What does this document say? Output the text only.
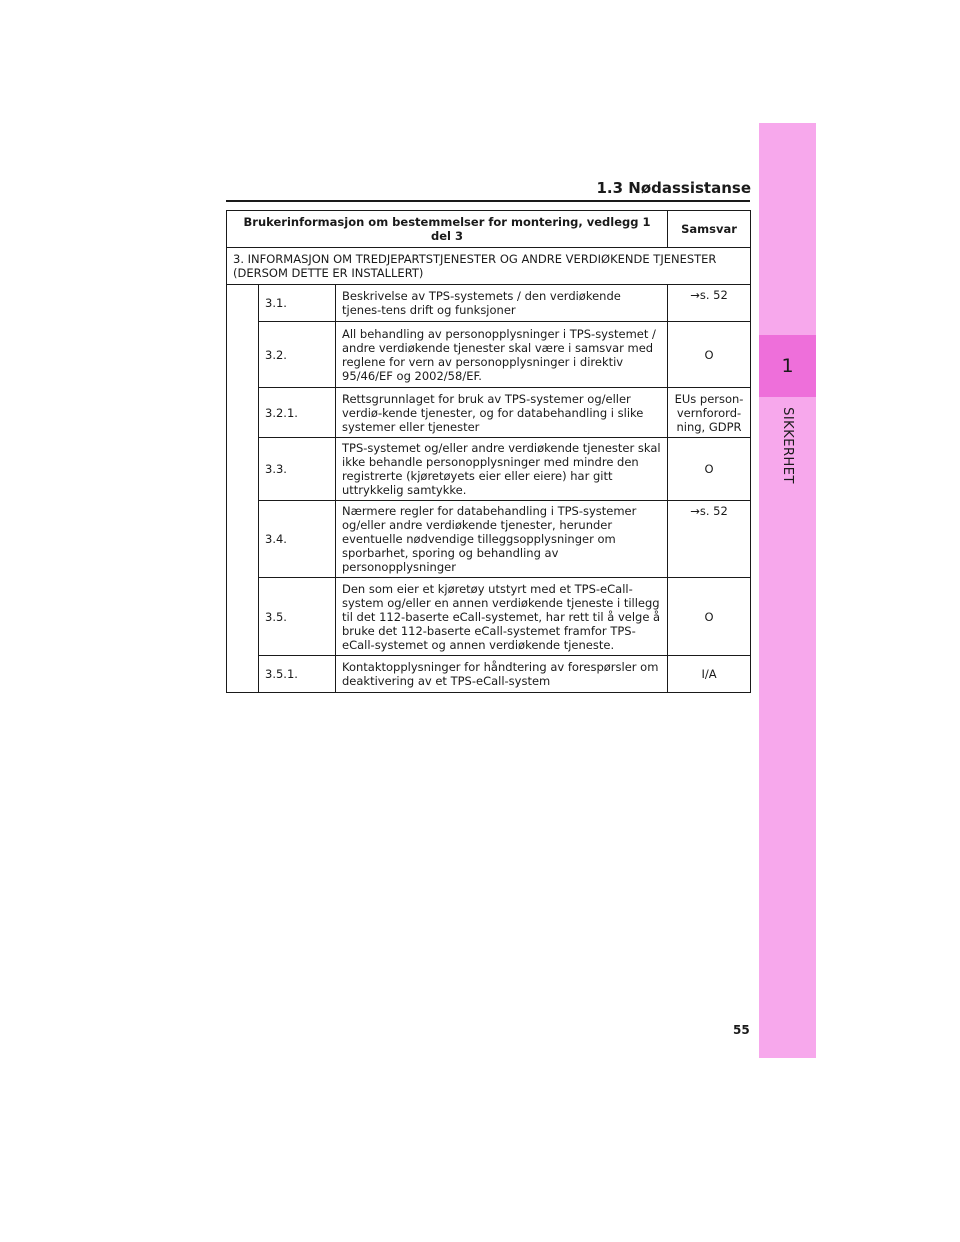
1
SIKKERHET
1.3 Nødassistanse
Brukerinformasjon om bestemmelser for montering, vedlegg 1 del 3			Samsvar
3. INFORMASJON OM TREDJEPARTSTJENESTER OG ANDRE VERDIØKENDE TJENESTER
(DERSOM DETTE ER INSTALLERT)			
	3.1.	Beskrivelse av TPS-systemets / den verdiøkende tjenes-tens drift og funksjoner	→s. 52
	3.2.	All behandling av personopplysninger i TPS-systemet / andre verdiøkende tjenester skal være i samsvar med reglene for vern av personopplysninger i direktiv 95/46/EF og 2002/58/EF.	O
	3.2.1.	Rettsgrunnlaget for bruk av TPS-systemer og/eller verdiø-kende tjenester, og for databehandling i slike systemer eller tjenester	EUs person-vernforord-ning, GDPR
	3.3.	TPS-systemet og/eller andre verdiøkende tjenester skal ikke behandle personopplysninger med mindre den registrerte (kjøretøyets eier eller eiere) har gitt uttrykkelig samtykke.	O
	3.4.	Nærmere regler for databehandling i TPS-systemer og/eller andre verdiøkende tjenester, herunder eventuelle nødvendige tilleggsopplysninger om sporbarhet, sporing og behandling av personopplysninger	→s. 52
	3.5.	Den som eier et kjøretøy utstyrt med et TPS-eCall-system og/eller en annen verdiøkende tjeneste i tillegg til det 112-baserte eCall-systemet, har rett til å velge å bruke det 112-baserte eCall-systemet framfor TPS-eCall-systemet og annen verdiøkende tjeneste.	O
	3.5.1.	Kontaktopplysninger for håndtering av forespørsler om deaktivering av et TPS-eCall-system	I/A
55
